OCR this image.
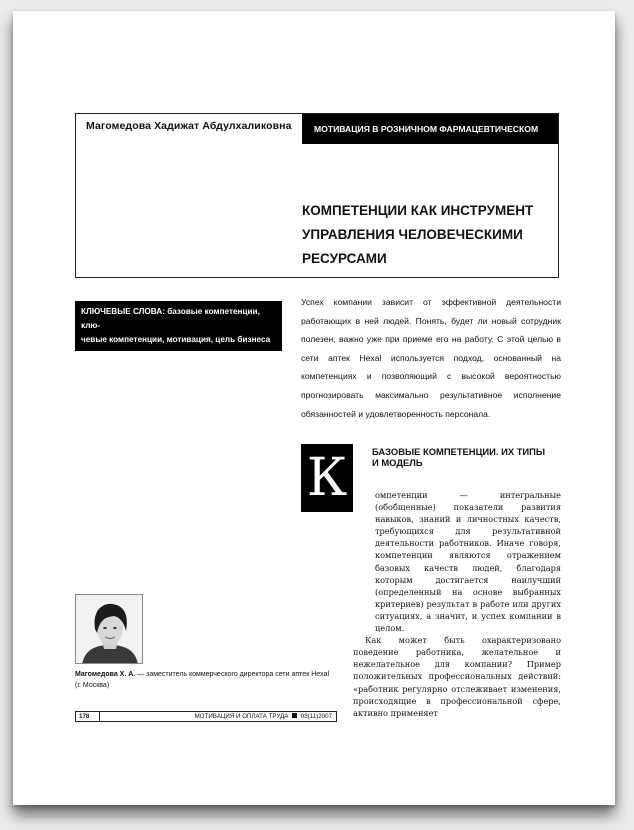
Магомедова Хадижат Абдулхаликовна	МОТИВАЦИЯ В РОЗНИЧНОМ ФАРМАЦЕВТИЧЕСКОМ БИЗНЕСЕ
КОМПЕТЕНЦИИ КАК ИНСТРУМЕНТ
УПРАВЛЕНИЯ ЧЕЛОВЕЧЕСКИМИ
РЕСУРСАМИ
КЛЮЧЕВЫЕ СЛОВА: базовые компетенции, клю-
чевые компетенции, мотивация, цель бизнеса
Успех компании зависит от эффективной деятельности работающих в ней людей. Понять, будет ли новый сотрудник полезен, важно уже при приеме его на работу. С этой целью в сети аптек Hexal используется подход, основанный на компетенциях и позволяющий с высокой вероятностью прогнозировать максимально результативное исполнение обязанностей и удовлетворенность персонала.
К	БАЗОВЫЕ КОМПЕТЕНЦИИ. ИХ ТИПЫ
И МОДЕЛЬ

омпетенции — интегральные (обобщенные) показатели развития навыков, знаний и личностных качеств, требующихся для результативной деятельности работников. Иначе говоря, компетенции являются отражением базовых качеств людей, благодаря которым достигается наилучший (определенный на основе выбранных критериев) результат в работе или других ситуациях, а значит, и успех компании в целом.

Как может быть охарактеризовано поведение работника, желательное и нежелательное для компании? Пример положительных профессиональных действий: «работник регулярно отслеживает изменения, происходящие в профессиональной сфере, активно применяет

Магомедова Х. А. — заместитель коммерческого директора сети аптек Hexal (г. Москва)
178	МОТИВАЦИЯ И ОПЛАТА ТРУДА 03(11)2007
